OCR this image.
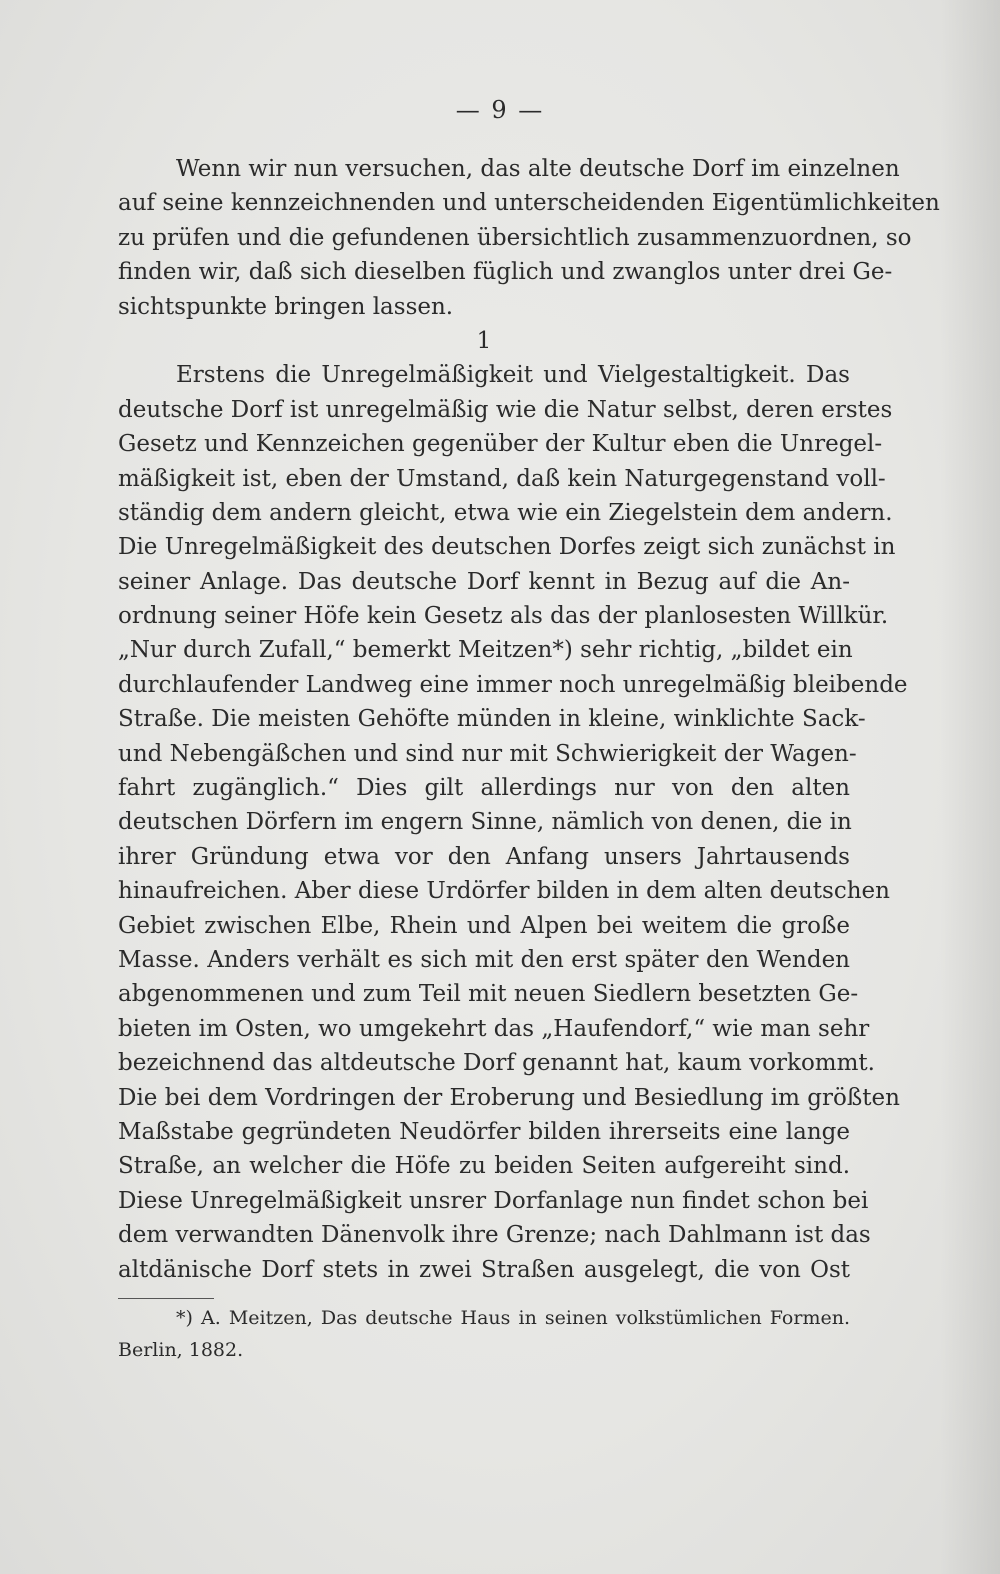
— 9 —
Wenn wir nun versuchen, das alte deutsche Dorf im einzelnen
auf seine kennzeichnenden und unterscheidenden Eigentümlichkeiten
zu prüfen und die gefundenen übersichtlich zusammenzuordnen, so
finden wir, daß sich dieselben füglich und zwanglos unter drei Ge-
sichtspunkte bringen lassen.
1
Erstens die Unregelmäßigkeit und Vielgestaltigkeit. Das
deutsche Dorf ist unregelmäßig wie die Natur selbst, deren erstes
Gesetz und Kennzeichen gegenüber der Kultur eben die Unregel-
mäßigkeit ist, eben der Umstand, daß kein Naturgegenstand voll-
ständig dem andern gleicht, etwa wie ein Ziegelstein dem andern.
Die Unregelmäßigkeit des deutschen Dorfes zeigt sich zunächst in
seiner Anlage. Das deutsche Dorf kennt in Bezug auf die An-
ordnung seiner Höfe kein Gesetz als das der planlosesten Willkür.
„Nur durch Zufall,“ bemerkt Meitzen*) sehr richtig, „bildet ein
durchlaufender Landweg eine immer noch unregelmäßig bleibende
Straße. Die meisten Gehöfte münden in kleine, winklichte Sack-
und Nebengäßchen und sind nur mit Schwierigkeit der Wagen-
fahrt zugänglich.“ Dies gilt allerdings nur von den alten
deutschen Dörfern im engern Sinne, nämlich von denen, die in
ihrer Gründung etwa vor den Anfang unsers Jahrtausends
hinaufreichen. Aber diese Urdörfer bilden in dem alten deutschen
Gebiet zwischen Elbe, Rhein und Alpen bei weitem die große
Masse. Anders verhält es sich mit den erst später den Wenden
abgenommenen und zum Teil mit neuen Siedlern besetzten Ge-
bieten im Osten, wo umgekehrt das „Haufendorf,“ wie man sehr
bezeichnend das altdeutsche Dorf genannt hat, kaum vorkommt.
Die bei dem Vordringen der Eroberung und Besiedlung im größten
Maßstabe gegründeten Neudörfer bilden ihrerseits eine lange
Straße, an welcher die Höfe zu beiden Seiten aufgereiht sind.
Diese Unregelmäßigkeit unsrer Dorfanlage nun findet schon bei
dem verwandten Dänenvolk ihre Grenze; nach Dahlmann ist das
altdänische Dorf stets in zwei Straßen ausgelegt, die von Ost
*) A. Meitzen, Das deutsche Haus in seinen volkstümlichen Formen.
Berlin, 1882.
